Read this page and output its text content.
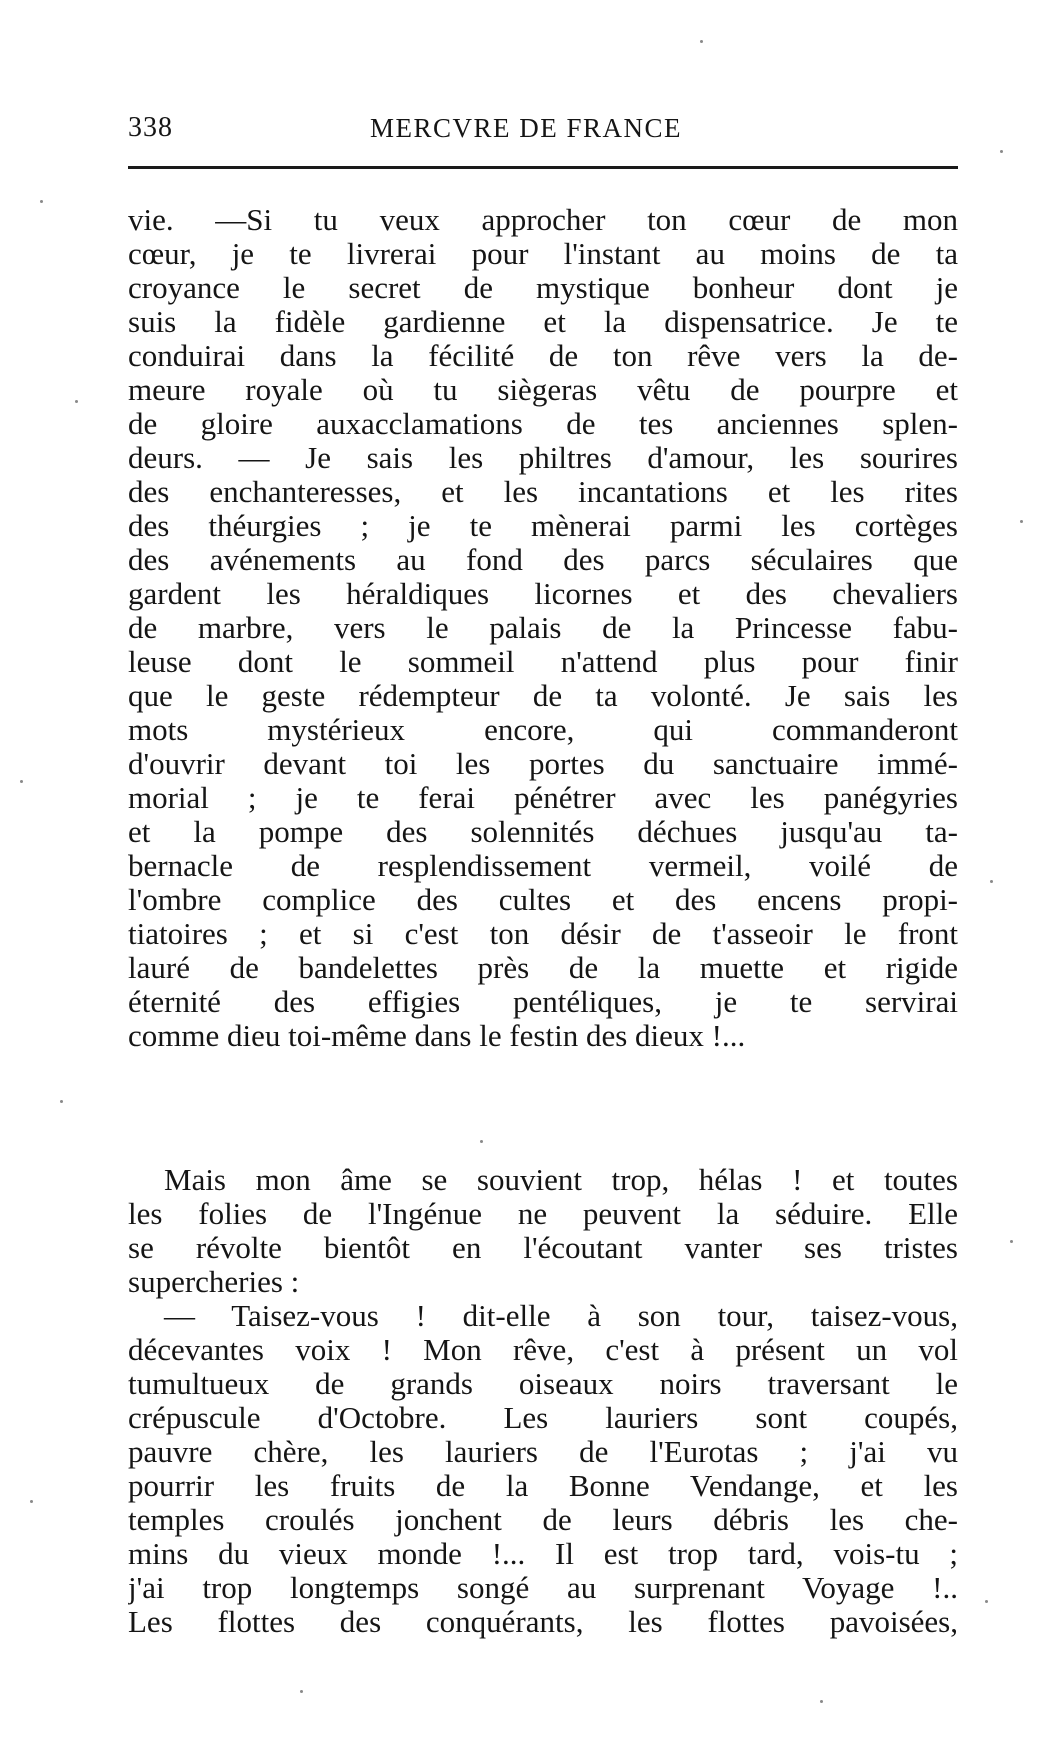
338	MERCVRE DE FRANCE
vie. —Si tu veux approcher ton cœur de mon
cœur, je te livrerai pour l'instant au moins de ta
croyance le secret de mystique bonheur dont je
suis la fidèle gardienne et la dispensatrice. Je te
conduirai dans la fécilité de ton rêve vers la de-
meure royale où tu siègeras vêtu de pourpre et
de gloire auxacclamations de tes anciennes splen-
deurs. — Je sais les philtres d'amour, les sourires
des enchanteresses, et les incantations et les rites
des théurgies ; je te mènerai parmi les cortèges
des avénements au fond des parcs séculaires que
gardent les héraldiques licornes et des chevaliers
de marbre, vers le palais de la Princesse fabu-
leuse dont le sommeil n'attend plus pour finir
que le geste rédempteur de ta volonté. Je sais les
mots mystérieux encore, qui commanderont
d'ouvrir devant toi les portes du sanctuaire immé-
morial ; je te ferai pénétrer avec les panégyries
et la pompe des solennités déchues jusqu'au ta-
bernacle de resplendissement vermeil, voilé de
l'ombre complice des cultes et des encens propi-
tiatoires ; et si c'est ton désir de t'asseoir le front
lauré de bandelettes près de la muette et rigide
éternité des effigies pentéliques, je te servirai
comme dieu toi-même dans le festin des dieux !...
Mais mon âme se souvient trop, hélas ! et toutes
les folies de l'Ingénue ne peuvent la séduire. Elle
se révolte bientôt en l'écoutant vanter ses tristes
supercheries :
— Taisez-vous ! dit-elle à son tour, taisez-vous,
décevantes voix ! Mon rêve, c'est à présent un vol
tumultueux de grands oiseaux noirs traversant le
crépuscule d'Octobre. Les lauriers sont coupés,
pauvre chère, les lauriers de l'Eurotas ; j'ai vu
pourrir les fruits de la Bonne Vendange, et les
temples croulés jonchent de leurs débris les che-
mins du vieux monde !... Il est trop tard, vois-tu ;
j'ai trop longtemps songé au surprenant Voyage !..
Les flottes des conquérants, les flottes pavoisées,
